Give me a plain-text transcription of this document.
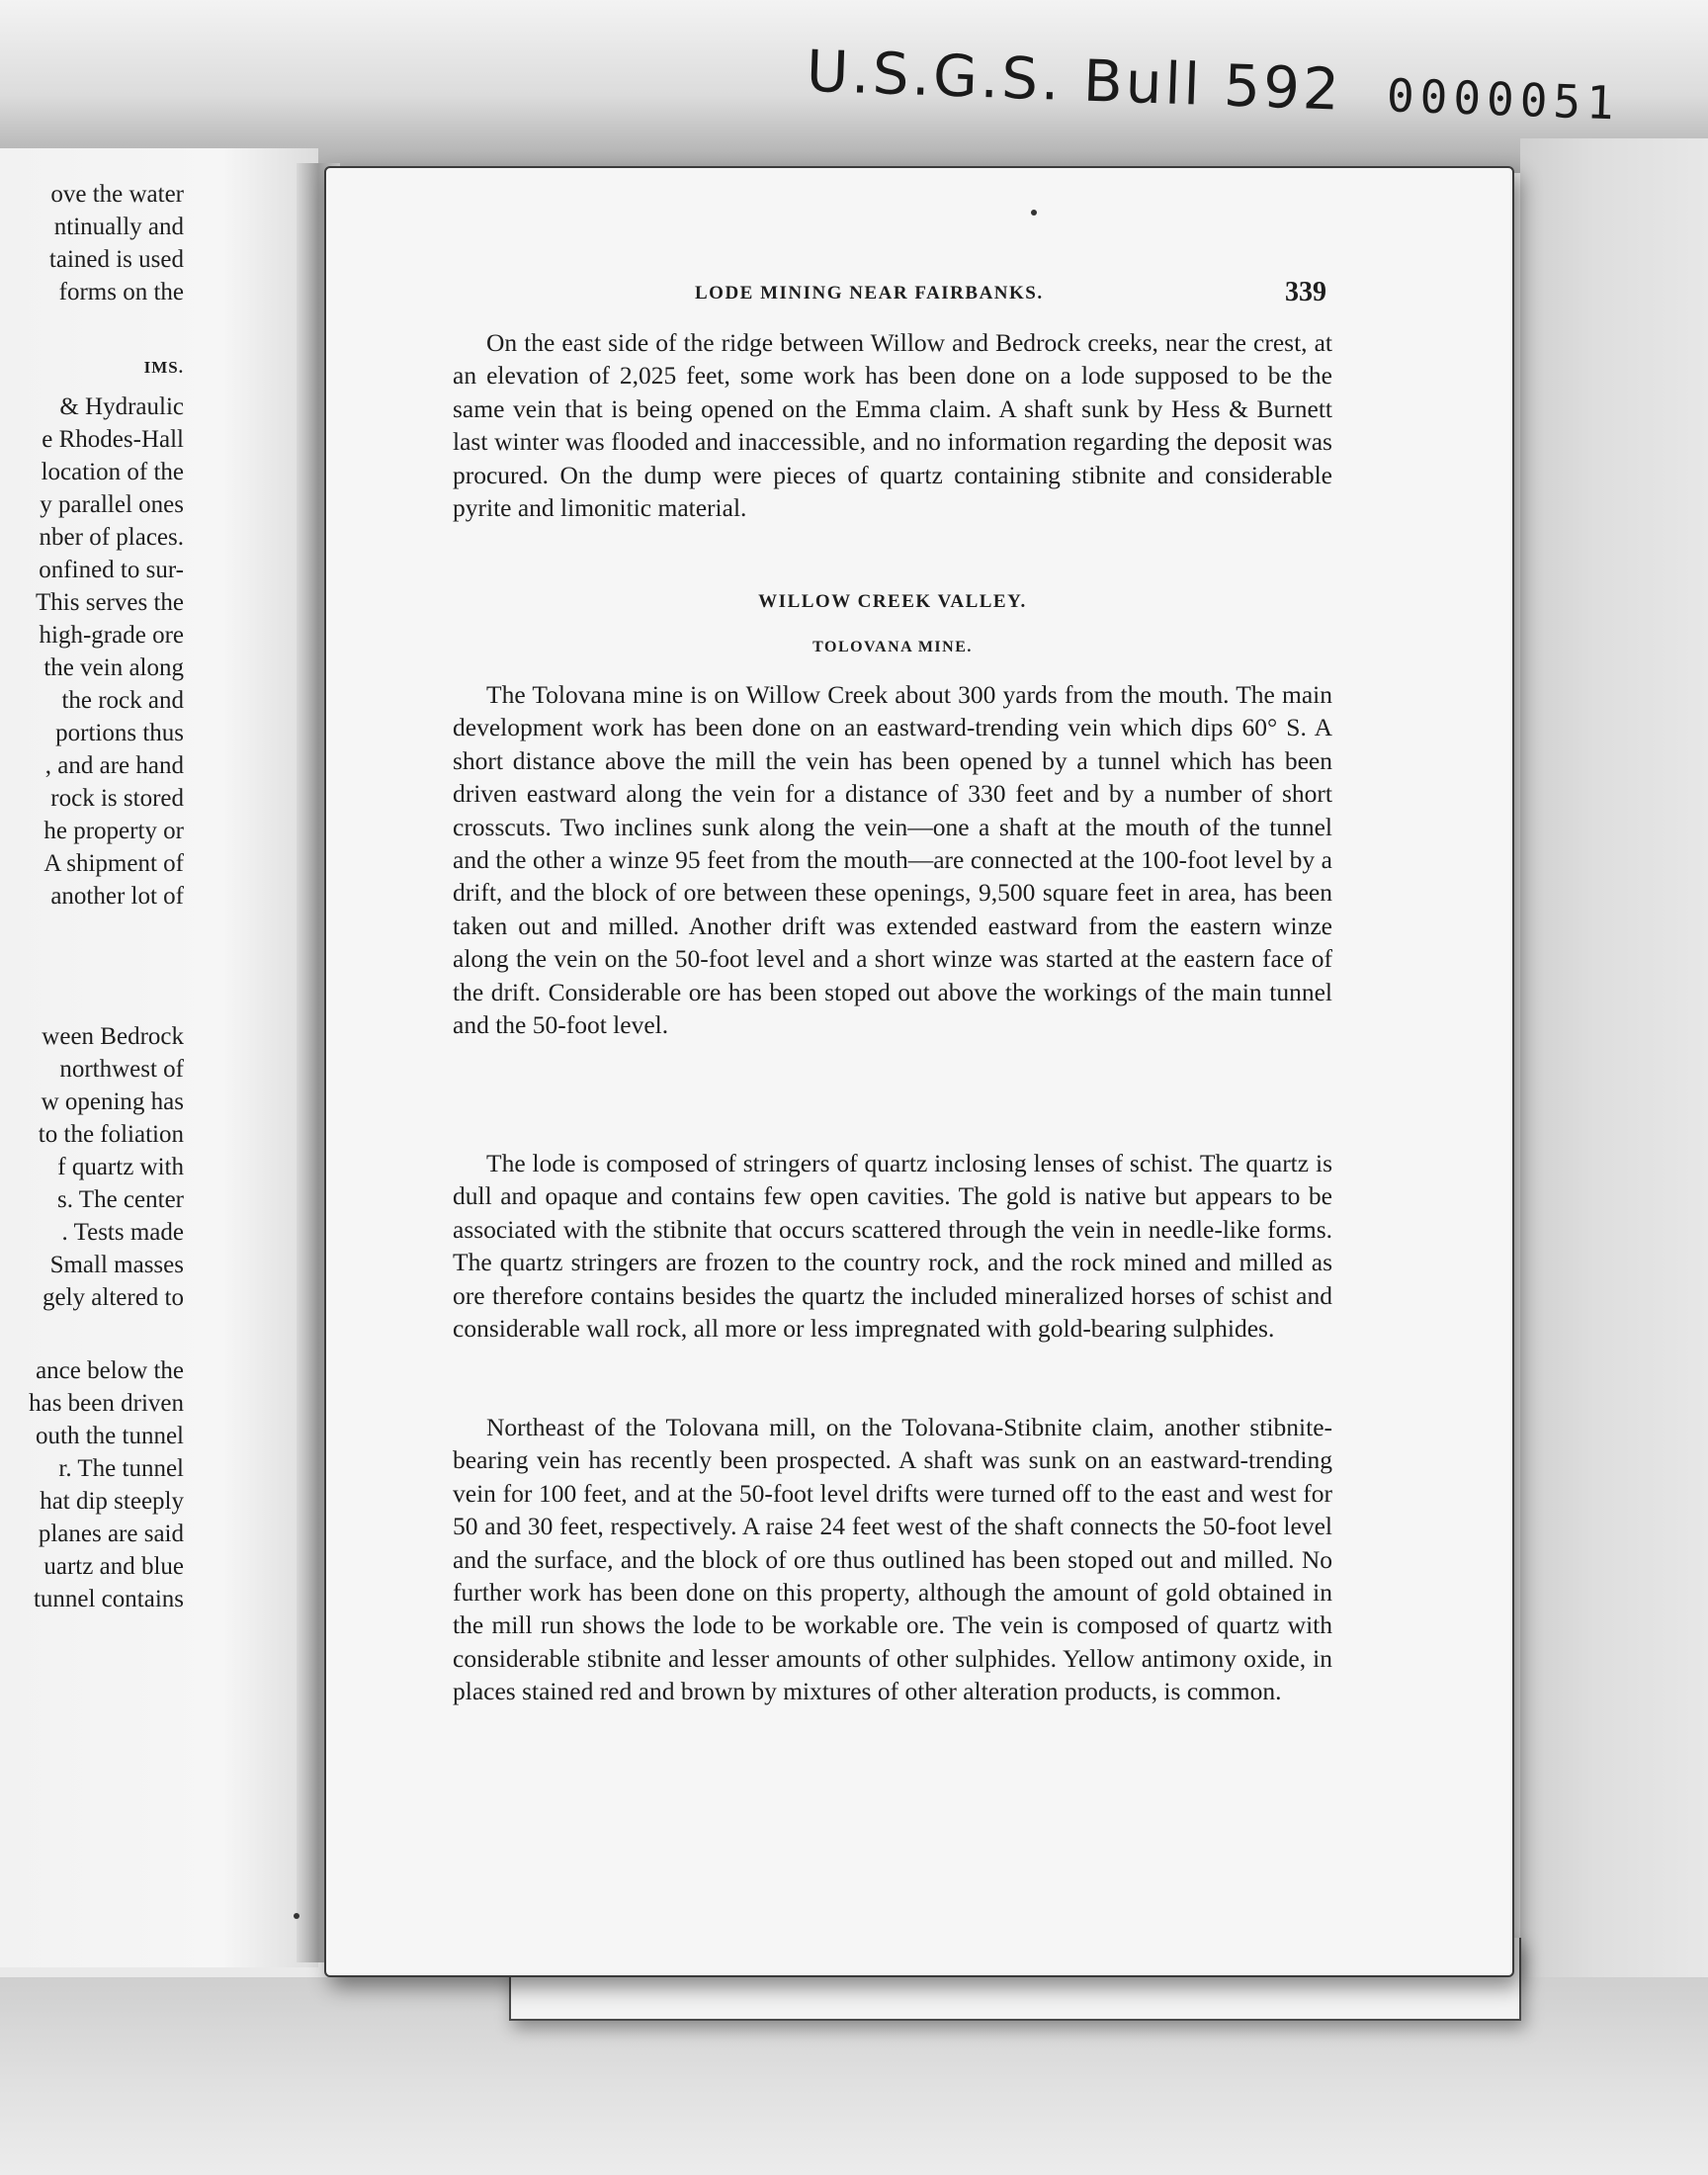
U.S.G.S. Bull 592 0000051
ove the water
ntinually and
tained is used
forms on the
IMS.
& Hydraulic
e Rhodes-Hall
location of the
y parallel ones
nber of places.
onfined to sur-
This serves the
high-grade ore
the vein along
the rock and
portions thus
, and are hand
rock is stored
he property or
A shipment of
another lot of
ween Bedrock
northwest of
w opening has
to the foliation
f quartz with
s. The center
. Tests made
Small masses
gely altered to
ance below the
has been driven
outh the tunnel
r. The tunnel
hat dip steeply
planes are said
uartz and blue
tunnel contains
LODE MINING NEAR FAIRBANKS.	339

On the east side of the ridge between Willow and Bedrock creeks, near the crest, at an elevation of 2,025 feet, some work has been done on a lode supposed to be the same vein that is being opened on the Emma claim. A shaft sunk by Hess & Burnett last winter was flooded and inaccessible, and no information regarding the deposit was procured. On the dump were pieces of quartz containing stibnite and considerable pyrite and limonitic material.

WILLOW CREEK VALLEY.

TOLOVANA MINE.

The Tolovana mine is on Willow Creek about 300 yards from the mouth. The main development work has been done on an eastward-trending vein which dips 60° S. A short distance above the mill the vein has been opened by a tunnel which has been driven eastward along the vein for a distance of 330 feet and by a number of short crosscuts. Two inclines sunk along the vein—one a shaft at the mouth of the tunnel and the other a winze 95 feet from the mouth—are connected at the 100-foot level by a drift, and the block of ore between these openings, 9,500 square feet in area, has been taken out and milled. Another drift was extended eastward from the eastern winze along the vein on the 50-foot level and a short winze was started at the eastern face of the drift. Considerable ore has been stoped out above the workings of the main tunnel and the 50-foot level.

The lode is composed of stringers of quartz inclosing lenses of schist. The quartz is dull and opaque and contains few open cavities. The gold is native but appears to be associated with the stibnite that occurs scattered through the vein in needle-like forms. The quartz stringers are frozen to the country rock, and the rock mined and milled as ore therefore contains besides the quartz the included mineralized horses of schist and considerable wall rock, all more or less impregnated with gold-bearing sulphides.

Northeast of the Tolovana mill, on the Tolovana-Stibnite claim, another stibnite-bearing vein has recently been prospected. A shaft was sunk on an eastward-trending vein for 100 feet, and at the 50-foot level drifts were turned off to the east and west for 50 and 30 feet, respectively. A raise 24 feet west of the shaft connects the 50-foot level and the surface, and the block of ore thus outlined has been stoped out and milled. No further work has been done on this property, although the amount of gold obtained in the mill run shows the lode to be workable ore. The vein is composed of quartz with considerable stibnite and lesser amounts of other sulphides. Yellow antimony oxide, in places stained red and brown by mixtures of other alteration products, is common.
